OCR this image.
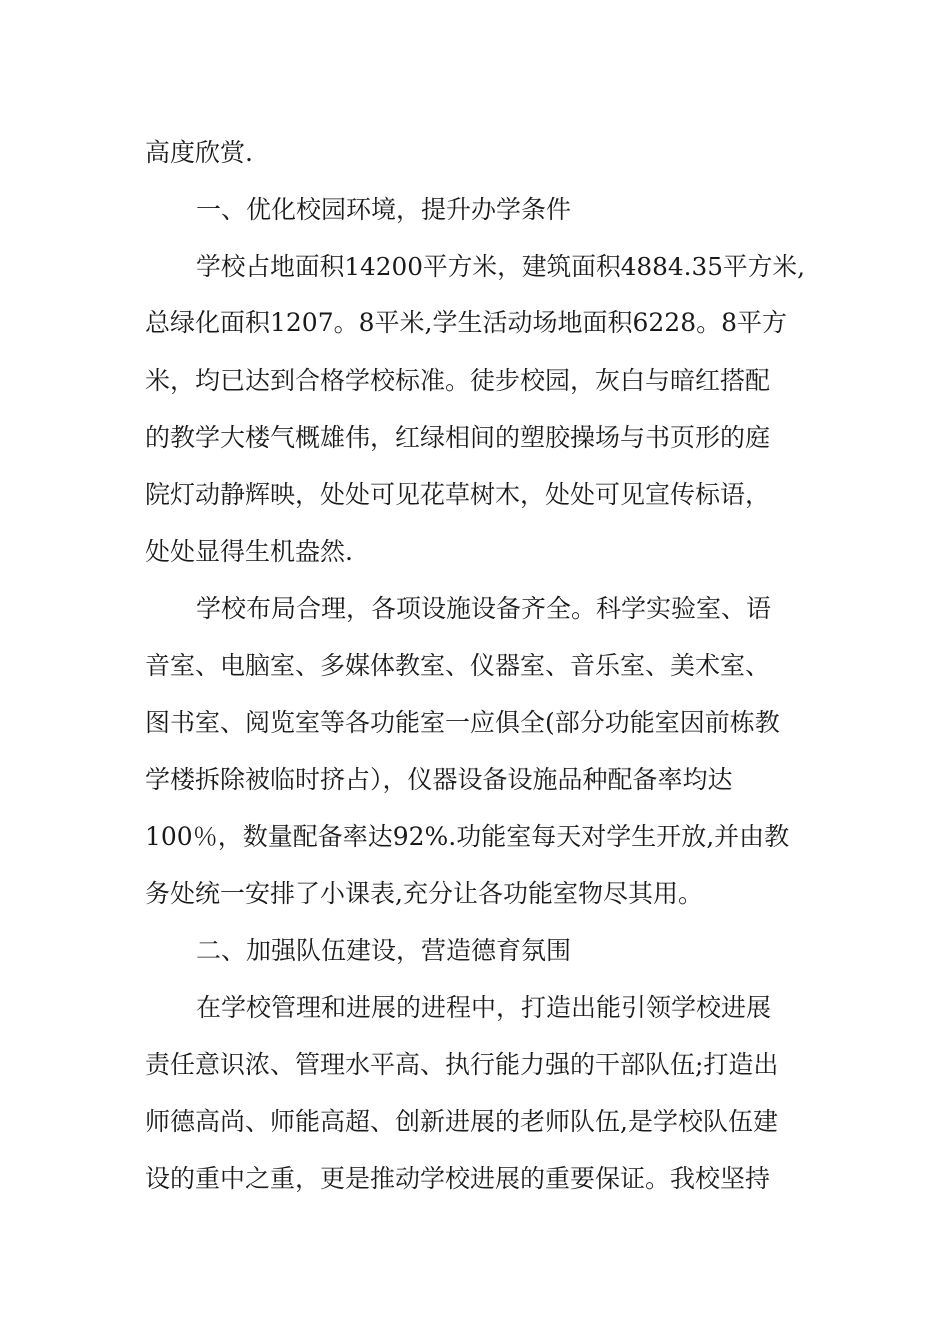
高度欣赏.
一、优化校园环境，提升办学条件
学校占地面积14200平方米，建筑面积4884.35平方米,
总绿化面积1207。8平米,学生活动场地面积6228。8平方
米，均已达到合格学校标准。徒步校园，灰白与暗红搭配
的教学大楼气概雄伟，红绿相间的塑胶操场与书页形的庭
院灯动静辉映，处处可见花草树木，处处可见宣传标语，
处处显得生机盎然.
学校布局合理，各项设施设备齐全。科学实验室、语
音室、电脑室、多媒体教室、仪器室、音乐室、美术室、
图书室、阅览室等各功能室一应俱全(部分功能室因前栋教
学楼拆除被临时挤占），仪器设备设施品种配备率均达
100％，数量配备率达92%.功能室每天对学生开放,并由教
务处统一安排了小课表,充分让各功能室物尽其用。
二、加强队伍建设，营造德育氛围
在学校管理和进展的进程中，打造出能引领学校进展
责任意识浓、管理水平高、执行能力强的干部队伍;打造出
师德高尚、师能高超、创新进展的老师队伍,是学校队伍建
设的重中之重，更是推动学校进展的重要保证。我校坚持
